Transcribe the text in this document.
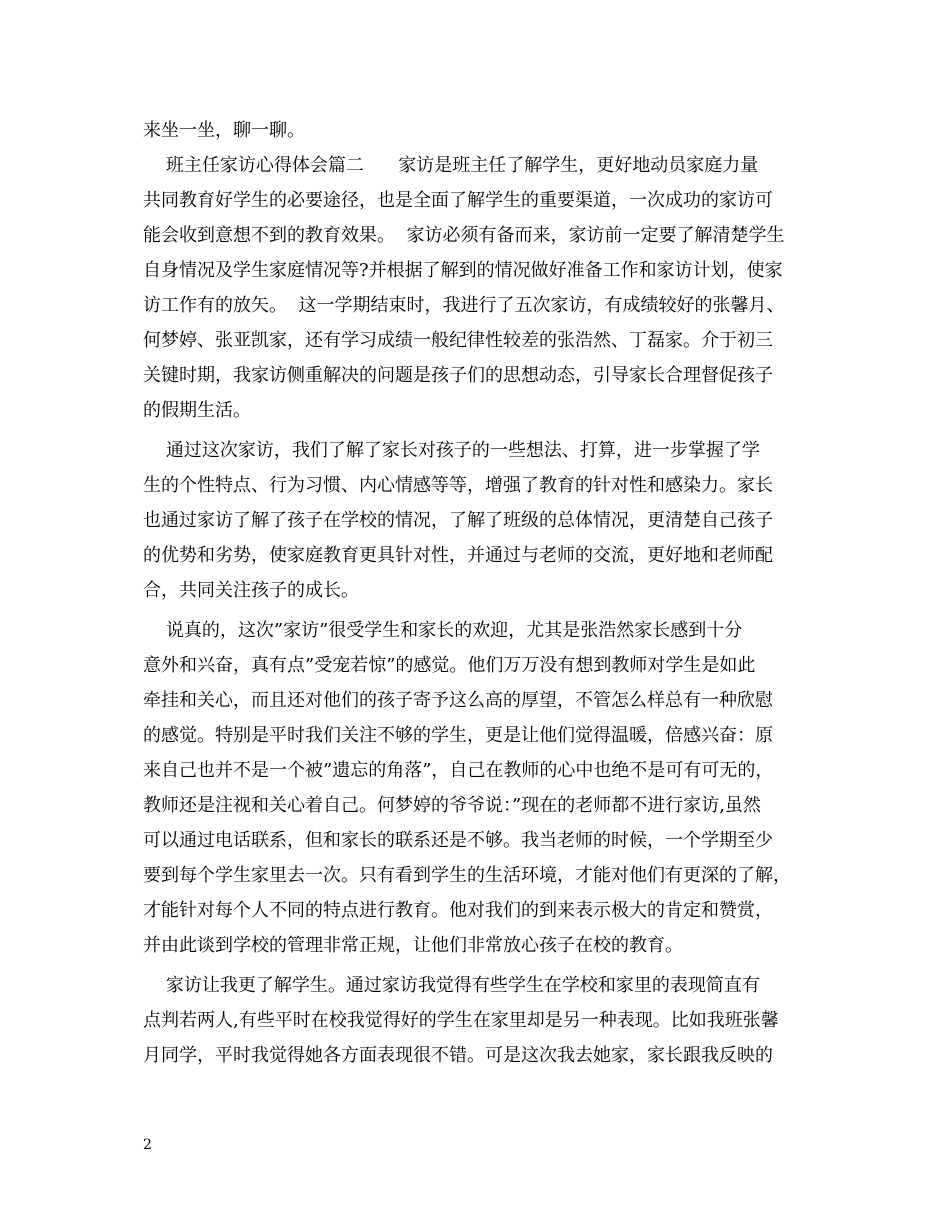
来坐一坐，聊一聊。
班主任家访心得体会篇二      家访是班主任了解学生，更好地动员家庭力量
共同教育好学生的必要途径，也是全面了解学生的重要渠道，一次成功的家访可
能会收到意想不到的教育效果。  家访必须有备而来，家访前一定要了解清楚学生
自身情况及学生家庭情况等?并根据了解到的情况做好准备工作和家访计划，使家
访工作有的放矢。  这一学期结束时，我进行了五次家访，有成绩较好的张馨月、
何梦婷、张亚凯家，还有学习成绩一般纪律性较差的张浩然、丁磊家。介于初三
关键时期，我家访侧重解决的问题是孩子们的思想动态，引导家长合理督促孩子
的假期生活。
通过这次家访，我们了解了家长对孩子的一些想法、打算，进一步掌握了学
生的个性特点、行为习惯、内心情感等等，增强了教育的针对性和感染力。家长
也通过家访了解了孩子在学校的情况，了解了班级的总体情况，更清楚自己孩子
的优势和劣势，使家庭教育更具针对性，并通过与老师的交流，更好地和老师配
合，共同关注孩子的成长。
说真的，这次”家访”很受学生和家长的欢迎，尤其是张浩然家长感到十分
意外和兴奋，真有点”受宠若惊”的感觉。他们万万没有想到教师对学生是如此
牵挂和关心，而且还对他们的孩子寄予这么高的厚望，不管怎么样总有一种欣慰
的感觉。特别是平时我们关注不够的学生，更是让他们觉得温暖，倍感兴奋：原
来自己也并不是一个被”遗忘的角落”，自己在教师的心中也绝不是可有可无的，
教师还是注视和关心着自己。何梦婷的爷爷说：”现在的老师都不进行家访,虽然
可以通过电话联系，但和家长的联系还是不够。我当老师的时候，一个学期至少
要到每个学生家里去一次。只有看到学生的生活环境，才能对他们有更深的了解，
才能针对每个人不同的特点进行教育。他对我们的到来表示极大的肯定和赞赏，
并由此谈到学校的管理非常正规，让他们非常放心孩子在校的教育。
家访让我更了解学生。通过家访我觉得有些学生在学校和家里的表现简直有
点判若两人,有些平时在校我觉得好的学生在家里却是另一种表现。比如我班张馨
月同学，平时我觉得她各方面表现很不错。可是这次我去她家，家长跟我反映的
2
